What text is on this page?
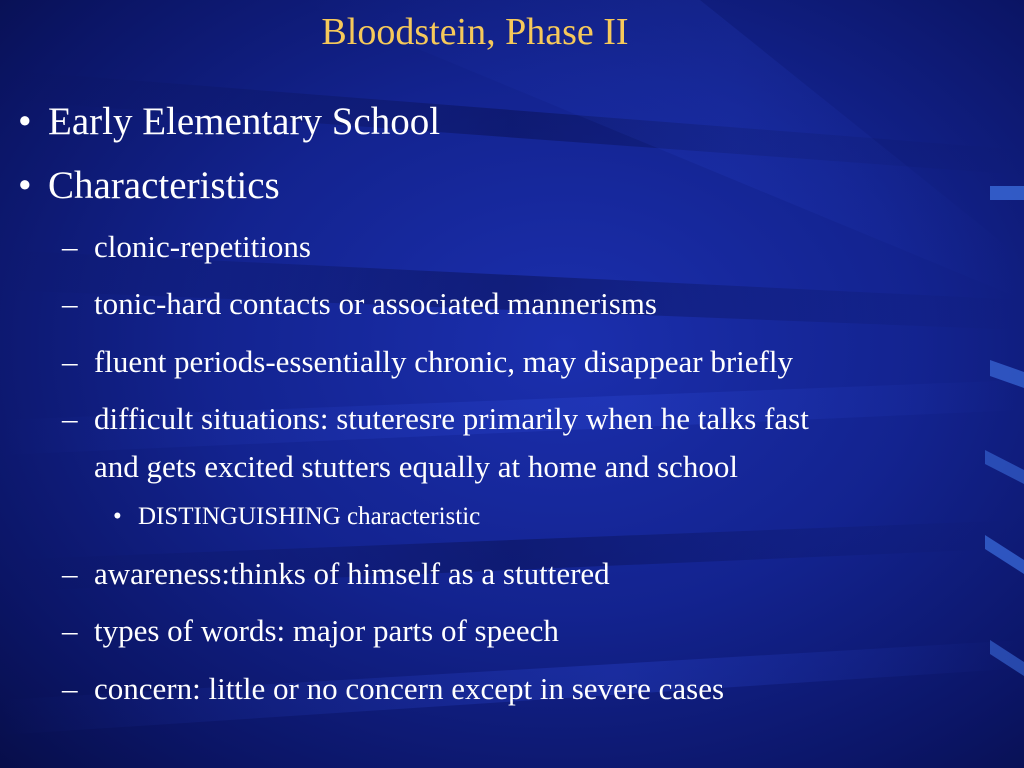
Bloodstein, Phase II
• Early Elementary School
• Characteristics
– clonic-repetitions
– tonic-hard contacts or associated mannerisms
– fluent periods-essentially chronic, may disappear briefly
– difficult situations: stuteresre primarily when he talks fast
and gets excited stutters equally at home and school
• DISTINGUISHING characteristic
– awareness:thinks of himself as a stuttered
– types of words: major parts of speech
– concern: little or no concern except in severe cases
